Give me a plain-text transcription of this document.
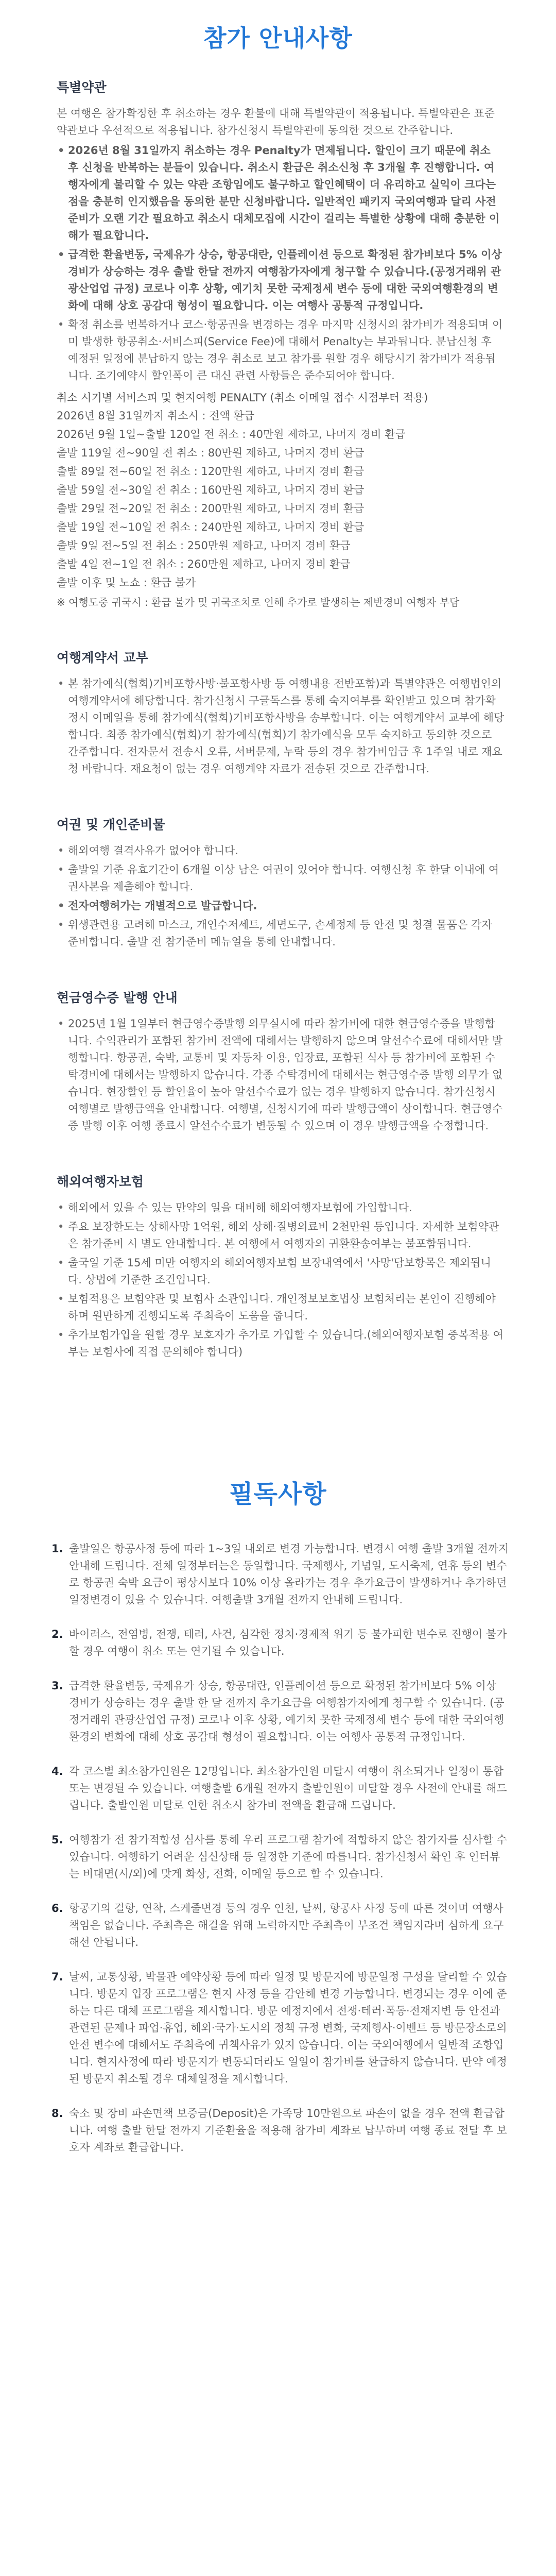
참가 안내사항
특별약관

본 여행은 참가확정한 후 취소하는 경우 환불에 대해 특별약관이 적용됩니다. 특별약관은 표준약관보다 우선적으로 적용됩니다. 참가신청시 특별약관에 동의한 것으로 간주합니다.

• 2026년 8월 31일까지 취소하는 경우 Penalty가 면제됩니다. 할인이 크기 때문에 취소 후 신청을 반복하는 분들이 있습니다. 취소시 환급은 취소신청 후 3개월 후 진행합니다. 여행자에게 불리할 수 있는 약관 조항임에도 불구하고 할인혜택이 더 유리하고 실익이 크다는 점을 충분히 인지했음을 동의한 분만 신청바랍니다. 일반적인 패키지 국외여행과 달리 사전 준비가 오랜 기간 필요하고 취소시 대체모집에 시간이 걸리는 특별한 상황에 대해 충분한 이해가 필요합니다.
• 급격한 환율변동, 국제유가 상승, 항공대란, 인플레이션 등으로 확정된 참가비보다 5% 이상 경비가 상승하는 경우 출발 한달 전까지 여행참가자에게 청구할 수 있습니다.(공정거래위 관광산업업 규정) 코로나 이후 상황, 예기치 못한 국제정세 변수 등에 대한 국외여행환경의 변화에 대해 상호 공감대 형성이 필요합니다. 이는 여행사 공통적 규정입니다.
• 확정 취소를 번복하거나 코스·항공권을 변경하는 경우 마지막 신청시의 참가비가 적용되며 이미 발생한 항공취소·서비스피(Service Fee)에 대해서 Penalty는 부과됩니다. 분납신청 후 예정된 일정에 분납하지 않는 경우 취소로 보고 참가를 원할 경우 해당시기 참가비가 적용됩니다. 조기예약시 할인폭이 큰 대신 관련 사항들은 준수되어야 합니다.
취소 시기별 서비스피 및 현지여행 PENALTY (취소 이메일 접수 시점부터 적용)

2026년 8월 31일까지 취소시 : 전액 환급

2026년 9월 1일~출발 120일 전 취소 : 40만원 제하고, 나머지 경비 환급

출발 119일 전~90일 전 취소 : 80만원 제하고, 나머지 경비 환급

출발 89일 전~60일 전 취소 : 120만원 제하고, 나머지 경비 환급

출발 59일 전~30일 전 취소 : 160만원 제하고, 나머지 경비 환급

출발 29일 전~20일 전 취소 : 200만원 제하고, 나머지 경비 환급

출발 19일 전~10일 전 취소 : 240만원 제하고, 나머지 경비 환급

출발 9일 전~5일 전 취소 : 250만원 제하고, 나머지 경비 환급

출발 4일 전~1일 전 취소 : 260만원 제하고, 나머지 경비 환급

출발 이후 및 노쇼 : 환급 불가

※ 여행도중 귀국시 : 환급 불가 및 귀국조치로 인해 추가로 발생하는 제반경비 여행자 부담
여행계약서 교부
• 본 참가예식(협회)기비포항사방·불포항사방 등 여행내용 전반포함)과 특별약관은 여행법인의 여행계약서에 해당합니다. 참가신청시 구글독스를 통해 숙지여부를 확인받고 있으며 참가확정시 이메일을 통해 참가예식(협회)기비포항사방을 송부합니다. 이는 여행계약서 교부에 해당합니다. 최종 참가예식(협회)기 참가예식(협회)기 참가예식을 모두 숙지하고 동의한 것으로 간주합니다. 전자문서 전송시 오류, 서버문제, 누락 등의 경우 참가비입금 후 1주일 내로 재요청 바랍니다. 재요청이 없는 경우 여행계약 자료가 전송된 것으로 간주합니다.
여권 및 개인준비물
• 해외여행 결격사유가 없어야 합니다.
• 출발일 기준 유효기간이 6개월 이상 남은 여권이 있어야 합니다. 여행신청 후 한달 이내에 여권사본을 제출해야 합니다.
• 전자여행허가는 개별적으로 발급합니다.
• 위생관련용 고려해 마스크, 개인수저세트, 세면도구, 손세정제 등 안전 및 청결 물품은 각자 준비합니다. 출발 전 참가준비 메뉴얼을 통해 안내합니다.
현금영수증 발행 안내
• 2025년 1월 1일부터 현금영수증발행 의무실시에 따라 참가비에 대한 현금영수증을 발행합니다. 수익관리가 포함된 참가비 전액에 대해서는 발행하지 않으며 알선수수료에 대해서만 발행합니다. 항공권, 숙박, 교통비 및 자동차 이용, 입장료, 포함된 식사 등 참가비에 포함된 수탁경비에 대해서는 발행하지 않습니다. 각종 수탁경비에 대해서는 현금영수증 발행 의무가 없습니다. 현장할인 등 할인율이 높아 알선수수료가 없는 경우 발행하지 않습니다. 참가신청시 여행별로 발행금액을 안내합니다. 여행별, 신청시기에 따라 발행금액이 상이합니다. 현금영수증 발행 이후 여행 종료시 알선수수료가 변동될 수 있으며 이 경우 발행금액을 수정합니다.
해외여행자보험
• 해외에서 있을 수 있는 만약의 일을 대비해 해외여행자보험에 가입합니다.
• 주요 보장한도는 상해사망 1억원, 해외 상해·질병의료비 2천만원 등입니다. 자세한 보험약관은 참가준비 시 별도 안내합니다. 본 여행에서 여행자의 귀환환송여부는 불포함됩니다.
• 출국일 기준 15세 미만 여행자의 해외여행자보험 보장내역에서 '사망'담보항목은 제외됩니다. 상법에 기준한 조건입니다.
• 보험적용은 보험약관 및 보험사 소관입니다. 개인정보보호법상 보험처리는 본인이 진행해야 하며 원만하게 진행되도록 주최측이 도움을 줍니다.
• 추가보험가입을 원할 경우 보호자가 추가로 가입할 수 있습니다.(해외여행자보험 중복적용 여부는 보험사에 직접 문의해야 합니다)
필독사항
1. 출발일은 항공사정 등에 따라 1~3일 내외로 변경 가능합니다. 변경시 여행 출발 3개월 전까지 안내해 드립니다. 전체 일정부터는은 동일합니다. 국제행사, 기념일, 도시축제, 연휴 등의 변수로 항공권 숙박 요금이 평상시보다 10% 이상 올라가는 경우 추가요금이 발생하거나 추가하던 일정변경이 있을 수 있습니다. 여행출발 3개월 전까지 안내해 드립니다.
2. 바이러스, 전염병, 전쟁, 테러, 사건, 심각한 정치·경제적 위기 등 불가피한 변수로 진행이 불가할 경우 여행이 취소 또는 연기될 수 있습니다.
3. 급격한 환율변동, 국제유가 상승, 항공대란, 인플레이션 등으로 확정된 참가비보다 5% 이상 경비가 상승하는 경우 출발 한 달 전까지 추가요금을 여행참가자에게 청구할 수 있습니다. (공정거래위 관광산업업 규정) 코로나 이후 상황, 예기치 못한 국제정세 변수 등에 대한 국외여행환경의 변화에 대해 상호 공감대 형성이 필요합니다. 이는 여행사 공통적 규정입니다.
4. 각 코스별 최소참가인원은 12명입니다. 최소참가인원 미달시 여행이 취소되거나 일정이 통합 또는 변경될 수 있습니다. 여행출발 6개월 전까지 출발인원이 미달할 경우 사전에 안내를 해드립니다. 출발인원 미달로 인한 취소시 참가비 전액을 환급해 드립니다.
5. 여행참가 전 참가적합성 심사를 통해 우리 프로그램 참가에 적합하지 않은 참가자를 심사할 수 있습니다. 여행하기 어려운 심신상태 등 일정한 기준에 따릅니다. 참가신청서 확인 후 인터뷰는 비대면(시/외)에 맞게 화상, 전화, 이메일 등으로 할 수 있습니다.
6. 항공기의 결항, 연착, 스케줄변경 등의 경우 인천, 날씨, 항공사 사정 등에 따른 것이며 여행사 책임은 없습니다. 주최측은 해결을 위해 노력하지만 주최측이 부조건 책임지라며 심하게 요구해선 안됩니다.
7. 날씨, 교통상황, 박물관 예약상황 등에 따라 일정 및 방문지에 방문일정 구성을 달리할 수 있습니다. 방문지 입장 프로그램은 현지 사정 등을 감안해 변경 가능합니다. 변경되는 경우 이에 준하는 다른 대체 프로그램을 제시합니다. 방문 예정지에서 전쟁·테러·폭동·전재지변 등 안전과 관련된 문제나 파업·휴업, 해외·국가·도시의 정책 규정 변화, 국제행사·이벤트 등 방문장소로의 안전 변수에 대해서도 주최측에 귀책사유가 있지 않습니다. 이는 국외여행에서 일반적 조항입니다. 현지사정에 따라 방문지가 변동되더라도 일일이 참가비를 환급하지 않습니다. 만약 예정된 방문지 취소될 경우 대체일정을 제시합니다.
8. 숙소 및 장비 파손면책 보증금(Deposit)은 가족당 10만원으로 파손이 없을 경우 전액 환급합니다. 여행 출발 한달 전까지 기준환율을 적용해 참가비 계좌로 납부하며 여행 종료 전달 후 보호자 계좌로 환급합니다.
